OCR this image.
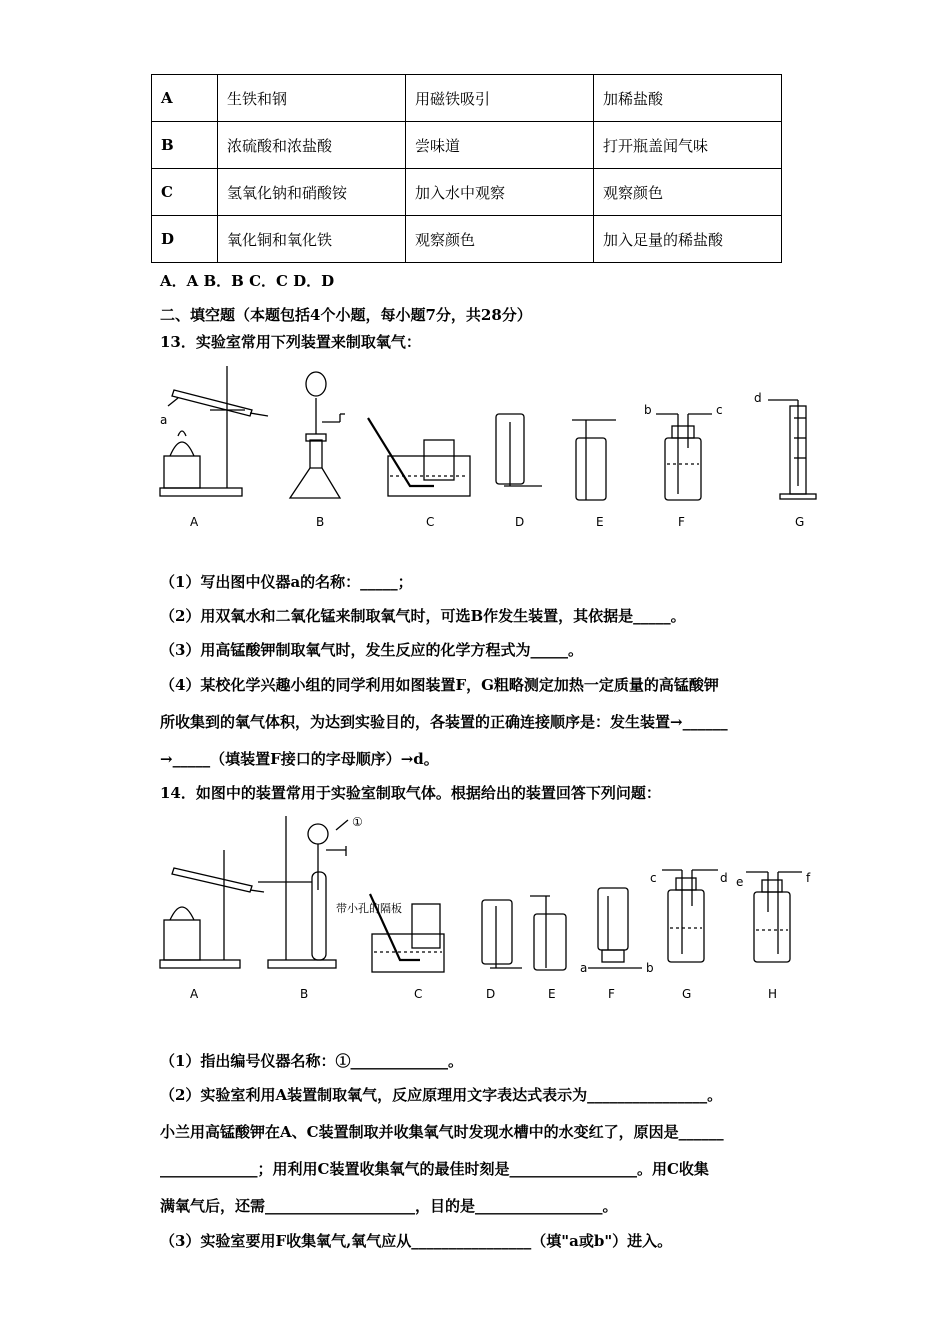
A	生铁和钢	用磁铁吸引	加稀盐酸
B	浓硫酸和浓盐酸	尝味道	打开瓶盖闻气味
C	氢氧化钠和硝酸铵	加入水中观察	观察颜色
D	氧化铜和氧化铁	观察颜色	加入足量的稀盐酸
A．A B．B C．C D．D
二、填空题（本题包括4个小题，每小题7分，共28分）
13．实验室常用下列装置来制取氧气：
a
b	c
d
A	B	C	D	E	F	G
（1）写出图中仪器a的名称：_____；
（2）用双氧水和二氧化锰来制取氧气时，可选B作发生装置，其依据是_____。
（3）用高锰酸钾制取氧气时，发生反应的化学方程式为_____。
（4）某校化学兴趣小组的同学利用如图装置F，G粗略测定加热一定质量的高锰酸钾
所收集到的氧气体积，为达到实验目的，各装置的正确连接顺序是：发生装置→______
→_____（填装置F接口的字母顺序）→d。
14．如图中的装置常用于实验室制取气体。根据给出的装置回答下列问题：
①
带小孔的隔板
a	b
c	d e	f
A	B	C	D	E	F	G	H
（1）指出编号仪器名称：①_____________。
（2）实验室利用A装置制取氧气，反应原理用文字表达式表示为________________。
小兰用高锰酸钾在A、C装置制取并收集氧气时发现水槽中的水变红了，原因是______
_____________；用利用C装置收集氧气的最佳时刻是_________________。用C收集
满氧气后，还需____________________，目的是_________________。
（3）实验室要用F收集氧气,氧气应从________________（填"a或b"）进入。
